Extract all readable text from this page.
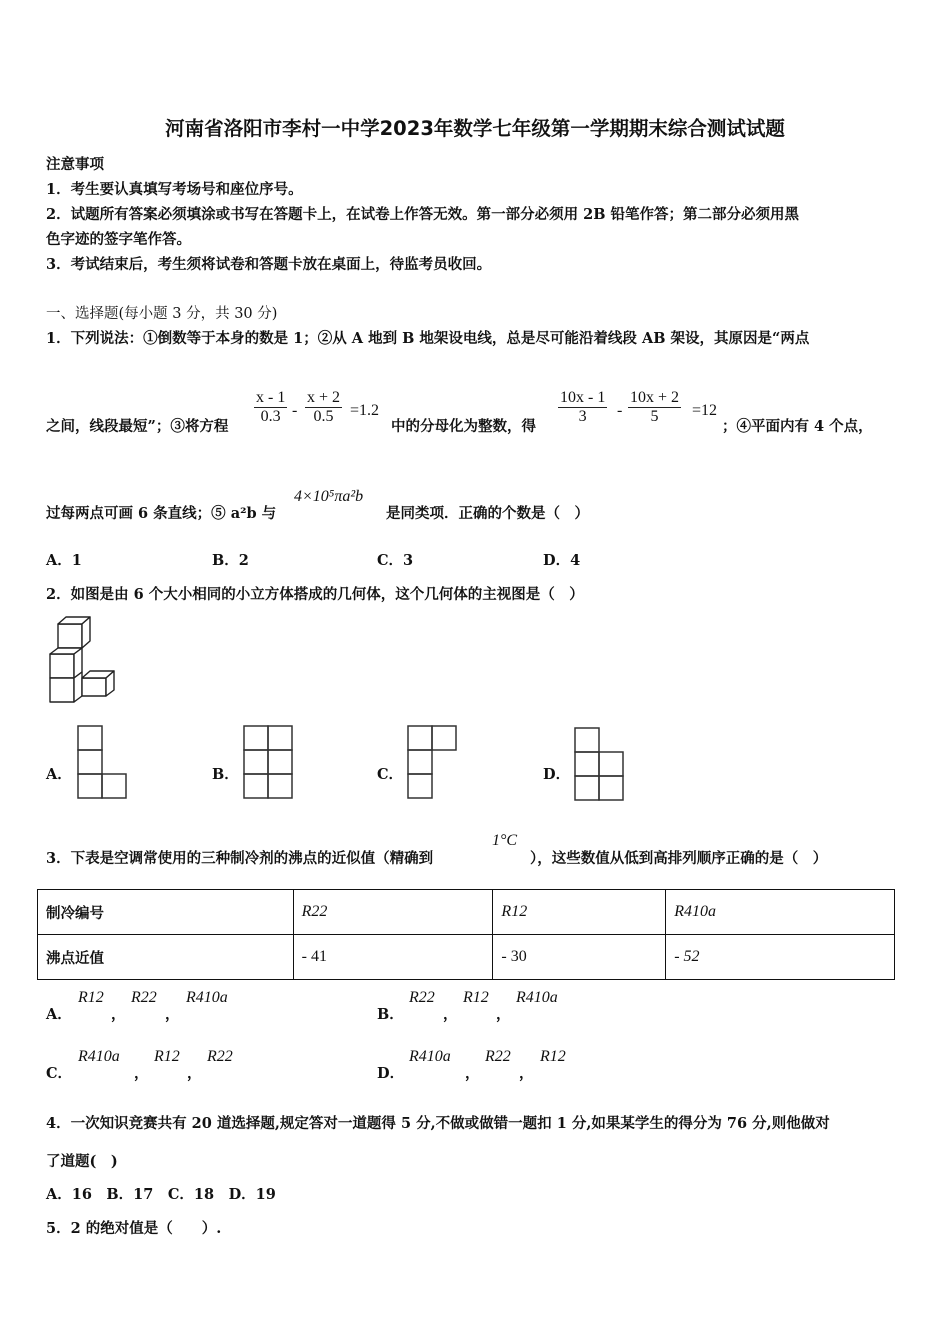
河南省洛阳市李村一中学2023年数学七年级第一学期期末综合测试试题
注意事项
1．考生要认真填写考场号和座位序号。
2．试题所有答案必须填涂或书写在答题卡上，在试卷上作答无效。第一部分必须用 2B 铅笔作答；第二部分必须用黑
色字迹的签字笔作答。
3．考试结束后，考生须将试卷和答题卡放在桌面上，待监考员收回。
一、选择题(每小题 3 分，共 30 分)
1．下列说法：①倒数等于本身的数是 1；②从 A 地到 B 地架设电线，总是尽可能沿着线段 AB 架设，其原因是“两点
之间，线段最短”；③将方程
$\frac{x - 1}{0.3} - \frac{x + 2}{0.5} =1.2$
中的分母化为整数，得
$\frac{10x - 1}{3} - \frac{10x + 2}{5} =12$
；④平面内有 4 个点，
过每两点可画 6 条直线；⑤ a²b 与
4×10⁵πa²b
是同类项．正确的个数是（　）
A．1	B．2	C．3	D．4
2．如图是由 6 个大小相同的小立方体搭成的几何体，这个几何体的主视图是（　）
A．	B．	C．	D．
3．下表是空调常使用的三种制冷剂的沸点的近似值（精确到
1°C
），这些数值从低到高排列顺序正确的是（　）
制冷编号	R22	R12	R410a
沸点近值	- 41	- 30	- 52
A．
R12
，
R22
，
R410a
B．
R22
，
R12
，
R410a
C．
R410a
，
R12
，
R22
D．
R410a
，
R22
，
R12
4．一次知识竞赛共有 20 道选择题,规定答对一道题得 5 分,不做或做错一题扣 1 分,如果某学生的得分为 76 分,则他做对
了道题(　)
A．16　B．17　C．18　D．19
5．2 的绝对值是（　　）.
